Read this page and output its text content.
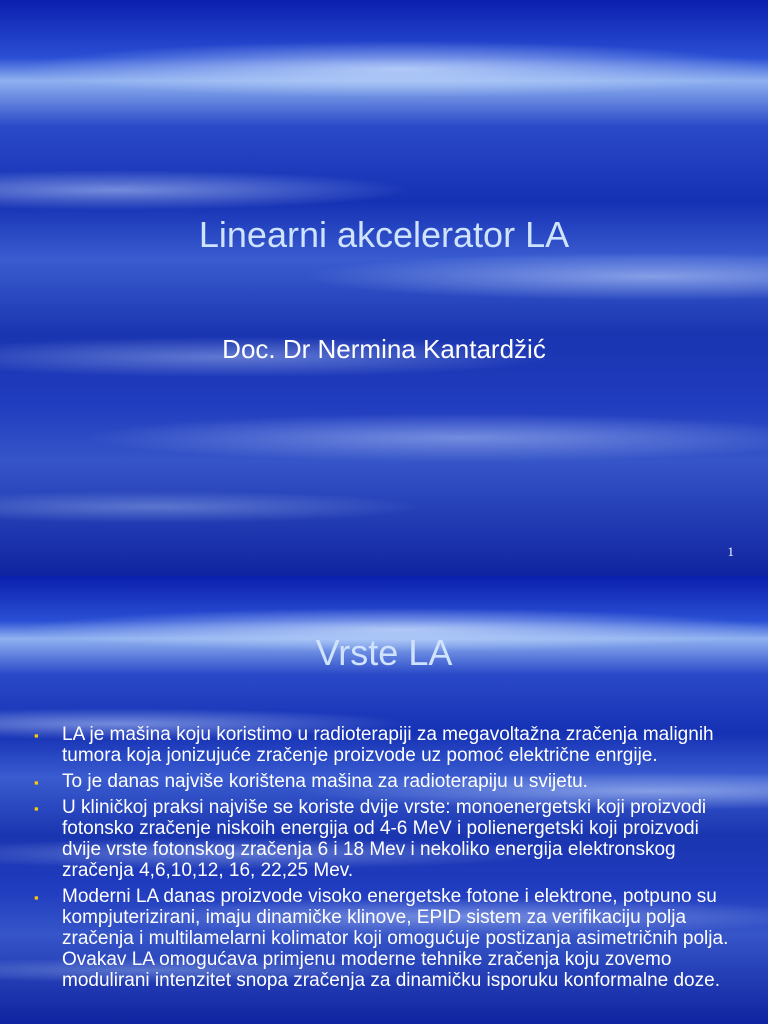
Linearni akcelerator LA
Doc. Dr Nermina Kantardžić
1
Vrste LA
▪ LA je mašina koju koristimo u radioterapiji za megavoltažna zračenja malignih tumora koja jonizujuće zračenje proizvode uz pomoć električne enrgije.
▪ To je danas najviše korištena mašina za radioterapiju u svijetu.
▪ U kliničkoj praksi najviše se koriste dvije vrste: monoenergetski koji proizvodi fotonsko zračenje niskoih energija od 4-6 MeV i polienergetski koji proizvodi dvije vrste fotonskog zračenja 6 i 18 Mev i nekoliko energija elektronskog zračenja 4,6,10,12, 16, 22,25 Mev.
▪ Moderni LA danas proizvode visoko energetske fotone i elektrone, potpuno su kompjuterizirani, imaju dinamičke klinove, EPID sistem za verifikaciju polja zračenja i multilamelarni kolimator koji omogućuje postizanja asimetričnih polja. Ovakav LA omogućava primjenu moderne tehnike zračenja koju zovemo modulirani intenzitet snopa zračenja za dinamičku isporuku konformalne doze.
